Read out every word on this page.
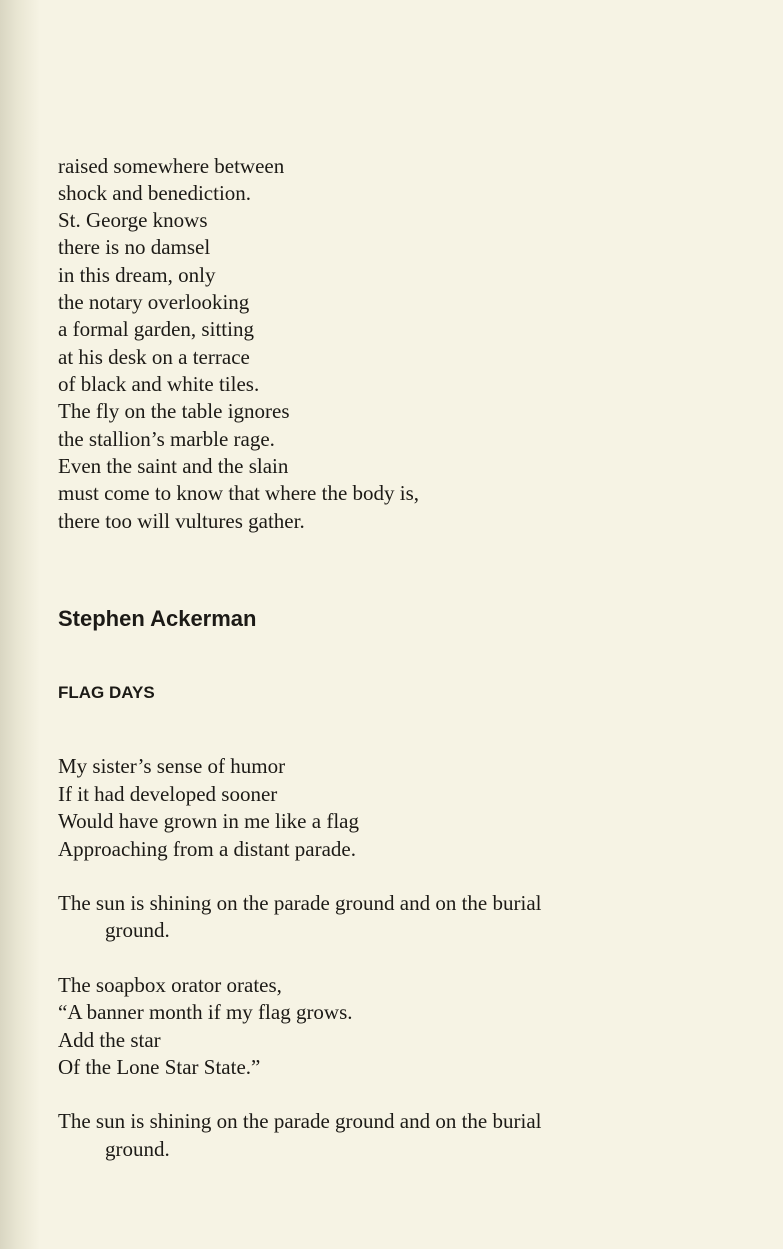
raised somewhere between

shock and benediction.

St. George knows

there is no damsel

in this dream, only

the notary overlooking

a formal garden, sitting

at his desk on a terrace

of black and white tiles.

The fly on the table ignores

the stallion’s marble rage.

Even the saint and the slain

must come to know that where the body is,

there too will vultures gather.

Stephen Ackerman
FLAG DAYS

My sister’s sense of humor

If it had developed sooner

Would have grown in me like a flag

Approaching from a distant parade.

The sun is shining on the parade ground and on the burial

ground.

The soapbox orator orates,

“A banner month if my flag grows.

Add the star

Of the Lone Star State.”

The sun is shining on the parade ground and on the burial

ground.
